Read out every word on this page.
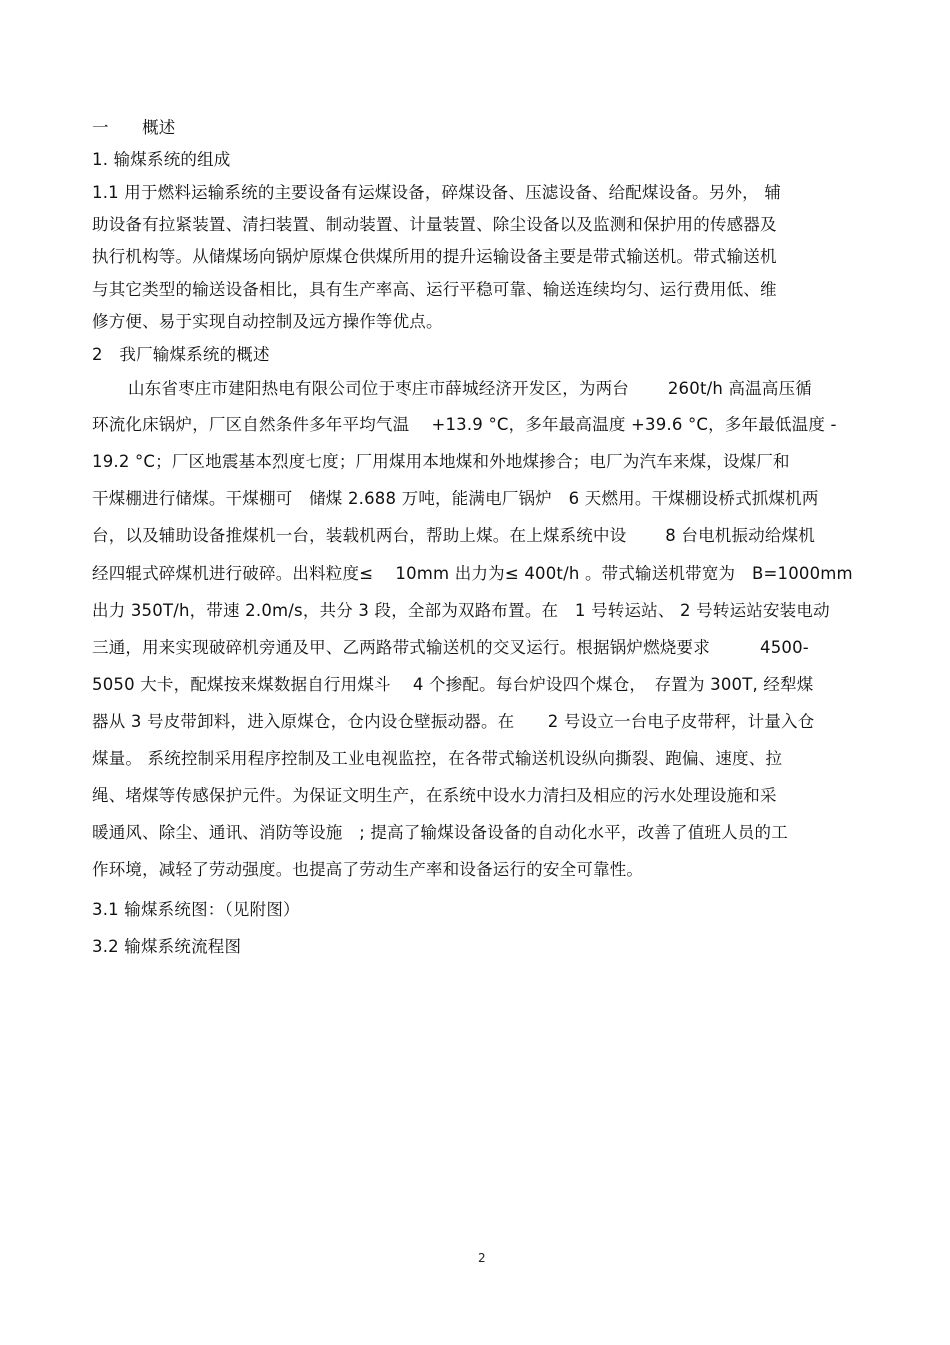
一　　概述
1. 输煤系统的组成
1.1 用于燃料运输系统的主要设备有运煤设备，碎煤设备、压滤设备、给配煤设备。另外， 辅
助设备有拉紧装置、清扫装置、制动装置、计量装置、除尘设备以及监测和保护用的传感器及
执行机构等。从储煤场向锅炉原煤仓供煤所用的提升运输设备主要是带式输送机。带式输送机
与其它类型的输送设备相比，具有生产率高、运行平稳可靠、输送连续均匀、运行费用低、维
修方便、易于实现自动控制及远方操作等优点。
2　我厂输煤系统的概述
山东省枣庄市建阳热电有限公司位于枣庄市薛城经济开发区，为两台　　 260t/h 高温高压循
环流化床锅炉，厂区自然条件多年平均气温　 +13.9 °C，多年最高温度 +39.6 °C，多年最低温度 -
19.2 °C；厂区地震基本烈度七度；厂用煤用本地煤和外地煤掺合；电厂为汽车来煤，设煤厂和
干煤棚进行储煤。干煤棚可　储煤 2.688 万吨，能满电厂锅炉　6 天燃用。干煤棚设桥式抓煤机两
台，以及辅助设备推煤机一台，装载机两台，帮助上煤。在上煤系统中设　　 8 台电机振动给煤机
经四辊式碎煤机进行破碎。出料粒度≤　 10mm 出力为≤ 400t/h 。带式输送机带宽为　B=1000mm
出力 350T/h，带速 2.0m/s，共分 3 段，全部为双路布置。在　1 号转运站、 2 号转运站安装电动
三通，用来实现破碎机旁通及甲、乙两路带式输送机的交叉运行。根据锅炉燃烧要求　　　4500-
5050 大卡，配煤按来煤数据自行用煤斗　 4 个掺配。每台炉设四个煤仓，　存置为 300T, 经犁煤
器从 3 号皮带卸料，进入原煤仓，仓内设仓壁振动器。在　　2 号设立一台电子皮带秤，计量入仓
煤量。 系统控制采用程序控制及工业电视监控，在各带式输送机设纵向撕裂、跑偏、速度、拉
绳、堵煤等传感保护元件。为保证文明生产，在系统中设水力清扫及相应的污水处理设施和采
暖通风、除尘、通讯、消防等设施　; 提高了输煤设备设备的自动化水平，改善了值班人员的工
作环境，减轻了劳动强度。也提高了劳动生产率和设备运行的安全可靠性。
3.1 输煤系统图：（见附图）
3.2 输煤系统流程图
2
